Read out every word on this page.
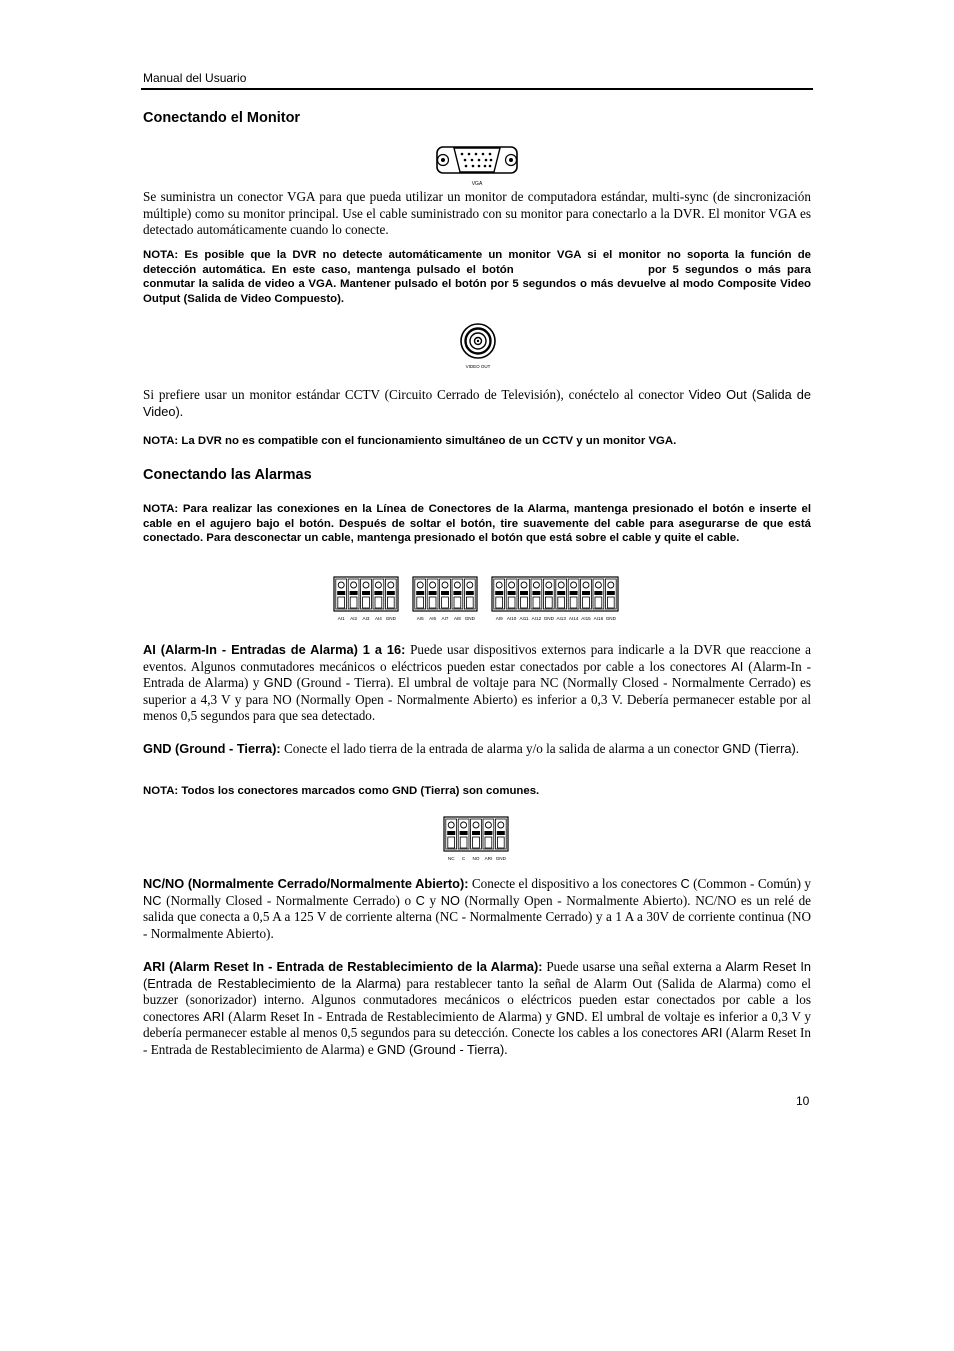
Manual del Usuario
Conectando el Monitor
VGA
Se suministra un conector VGA para que pueda utilizar un monitor de computadora estándar, multi-sync (de sincronización múltiple) como su monitor principal. Use el cable suministrado con su monitor para conectarlo a la DVR. El monitor VGA es detectado automáticamente cuando lo conecte.
NOTA: Es posible que la DVR no detecte automáticamente un monitor VGA si el monitor no soporta la función de detección automática. En este caso, mantenga pulsado el botón	por 5 segundos o más para conmutar la salida de video a VGA. Mantener pulsado el botón por 5 segundos o más devuelve al modo Composite Video Output (Salida de Video Compuesto).
VIDEO OUT
Si prefiere usar un monitor estándar CCTV (Circuito Cerrado de Televisión), conéctelo al conector Video Out (Salida de Video).
NOTA: La DVR no es compatible con el funcionamiento simultáneo de un CCTV y un monitor VGA.
Conectando las Alarmas
NOTA: Para realizar las conexiones en la Línea de Conectores de la Alarma, mantenga presionado el botón e inserte el cable en el agujero bajo el botón. Después de soltar el botón, tire suavemente del cable para asegurarse de que está conectado. Para desconectar un cable, mantenga presionado el botón que está sobre el cable y quite el cable.
AI1 AI2 AI3 AI4 GND	AI5 AI6 AI7 AI8 GND	AI9 AI10 AI11 AI12 GND AI13 AI14 AI15 AI16 GND
AI (Alarm-In - Entradas de Alarma) 1 a 16: Puede usar dispositivos externos para indicarle a la DVR que reaccione a eventos. Algunos conmutadores mecánicos o eléctricos pueden estar conectados por cable a los conectores AI (Alarm-In - Entrada de Alarma) y GND (Ground - Tierra). El umbral de voltaje para NC (Normally Closed - Normalmente Cerrado) es superior a 4,3 V y para NO (Normally Open - Normalmente Abierto) es inferior a 0,3 V. Debería permanecer estable por al menos 0,5 segundos para que sea detectado.
GND (Ground - Tierra): Conecte el lado tierra de la entrada de alarma y/o la salida de alarma a un conector GND (Tierra).
NOTA: Todos los conectores marcados como GND (Tierra) son comunes.
NC C NO ARI GND
NC/NO (Normalmente Cerrado/Normalmente Abierto): Conecte el dispositivo a los conectores C (Common - Común) y NC (Normally Closed - Normalmente Cerrado) o C y NO (Normally Open - Normalmente Abierto). NC/NO es un relé de salida que conecta a 0,5 A a 125 V de corriente alterna (NC - Normalmente Cerrado) y a 1 A a 30V de corriente continua (NO - Normalmente Abierto).
ARI (Alarm Reset In - Entrada de Restablecimiento de la Alarma): Puede usarse una señal externa a Alarm Reset In (Entrada de Restablecimiento de la Alarma) para restablecer tanto la señal de Alarm Out (Salida de Alarma) como el buzzer (sonorizador) interno. Algunos conmutadores mecánicos o eléctricos pueden estar conectados por cable a los conectores ARI (Alarm Reset In - Entrada de Restablecimiento de Alarma) y GND. El umbral de voltaje es inferior a 0,3 V y debería permanecer estable al menos 0,5 segundos para su detección. Conecte los cables a los conectores ARI (Alarm Reset In - Entrada de Restablecimiento de Alarma) e GND (Ground - Tierra).
10
